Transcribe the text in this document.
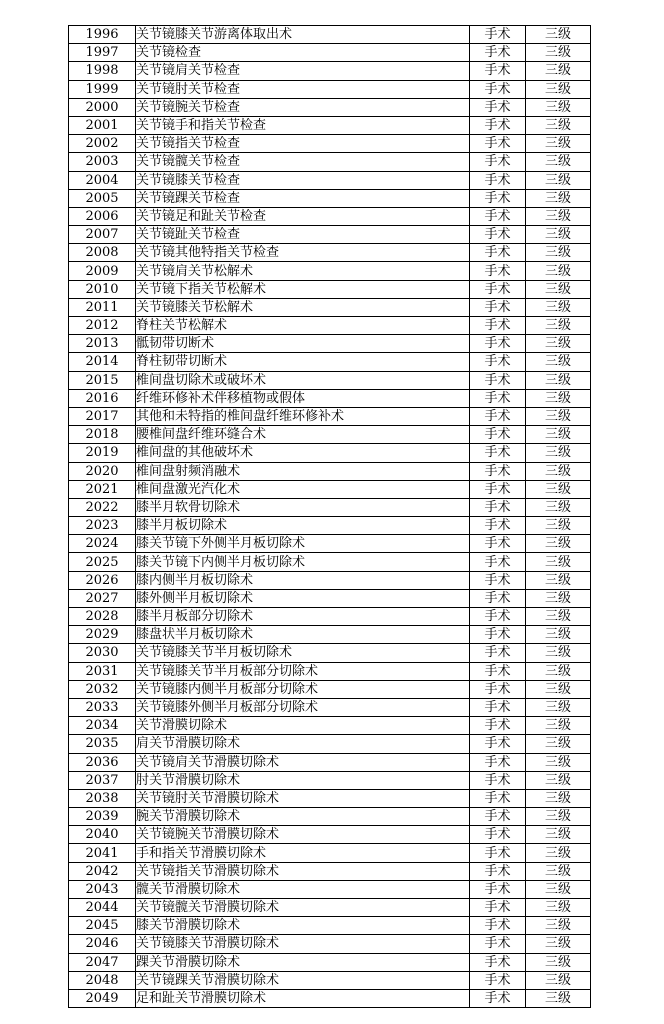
1996	关节镜膝关节游离体取出术	手术	三级
1997	关节镜检查	手术	三级
1998	关节镜肩关节检查	手术	三级
1999	关节镜肘关节检查	手术	三级
2000	关节镜腕关节检查	手术	三级
2001	关节镜手和指关节检查	手术	三级
2002	关节镜指关节检查	手术	三级
2003	关节镜髋关节检查	手术	三级
2004	关节镜膝关节检查	手术	三级
2005	关节镜踝关节检查	手术	三级
2006	关节镜足和趾关节检查	手术	三级
2007	关节镜趾关节检查	手术	三级
2008	关节镜其他特指关节检查	手术	三级
2009	关节镜肩关节松解术	手术	三级
2010	关节镜下指关节松解术	手术	三级
2011	关节镜膝关节松解术	手术	三级
2012	脊柱关节松解术	手术	三级
2013	骶韧带切断术	手术	三级
2014	脊柱韧带切断术	手术	三级
2015	椎间盘切除术或破坏术	手术	三级
2016	纤维环修补术伴移植物或假体	手术	三级
2017	其他和未特指的椎间盘纤维环修补术	手术	三级
2018	腰椎间盘纤维环缝合术	手术	三级
2019	椎间盘的其他破坏术	手术	三级
2020	椎间盘射频消融术	手术	三级
2021	椎间盘激光汽化术	手术	三级
2022	膝半月软骨切除术	手术	三级
2023	膝半月板切除术	手术	三级
2024	膝关节镜下外侧半月板切除术	手术	三级
2025	膝关节镜下内侧半月板切除术	手术	三级
2026	膝内侧半月板切除术	手术	三级
2027	膝外侧半月板切除术	手术	三级
2028	膝半月板部分切除术	手术	三级
2029	膝盘状半月板切除术	手术	三级
2030	关节镜膝关节半月板切除术	手术	三级
2031	关节镜膝关节半月板部分切除术	手术	三级
2032	关节镜膝内侧半月板部分切除术	手术	三级
2033	关节镜膝外侧半月板部分切除术	手术	三级
2034	关节滑膜切除术	手术	三级
2035	肩关节滑膜切除术	手术	三级
2036	关节镜肩关节滑膜切除术	手术	三级
2037	肘关节滑膜切除术	手术	三级
2038	关节镜肘关节滑膜切除术	手术	三级
2039	腕关节滑膜切除术	手术	三级
2040	关节镜腕关节滑膜切除术	手术	三级
2041	手和指关节滑膜切除术	手术	三级
2042	关节镜指关节滑膜切除术	手术	三级
2043	髋关节滑膜切除术	手术	三级
2044	关节镜髋关节滑膜切除术	手术	三级
2045	膝关节滑膜切除术	手术	三级
2046	关节镜膝关节滑膜切除术	手术	三级
2047	踝关节滑膜切除术	手术	三级
2048	关节镜踝关节滑膜切除术	手术	三级
2049	足和趾关节滑膜切除术	手术	三级
